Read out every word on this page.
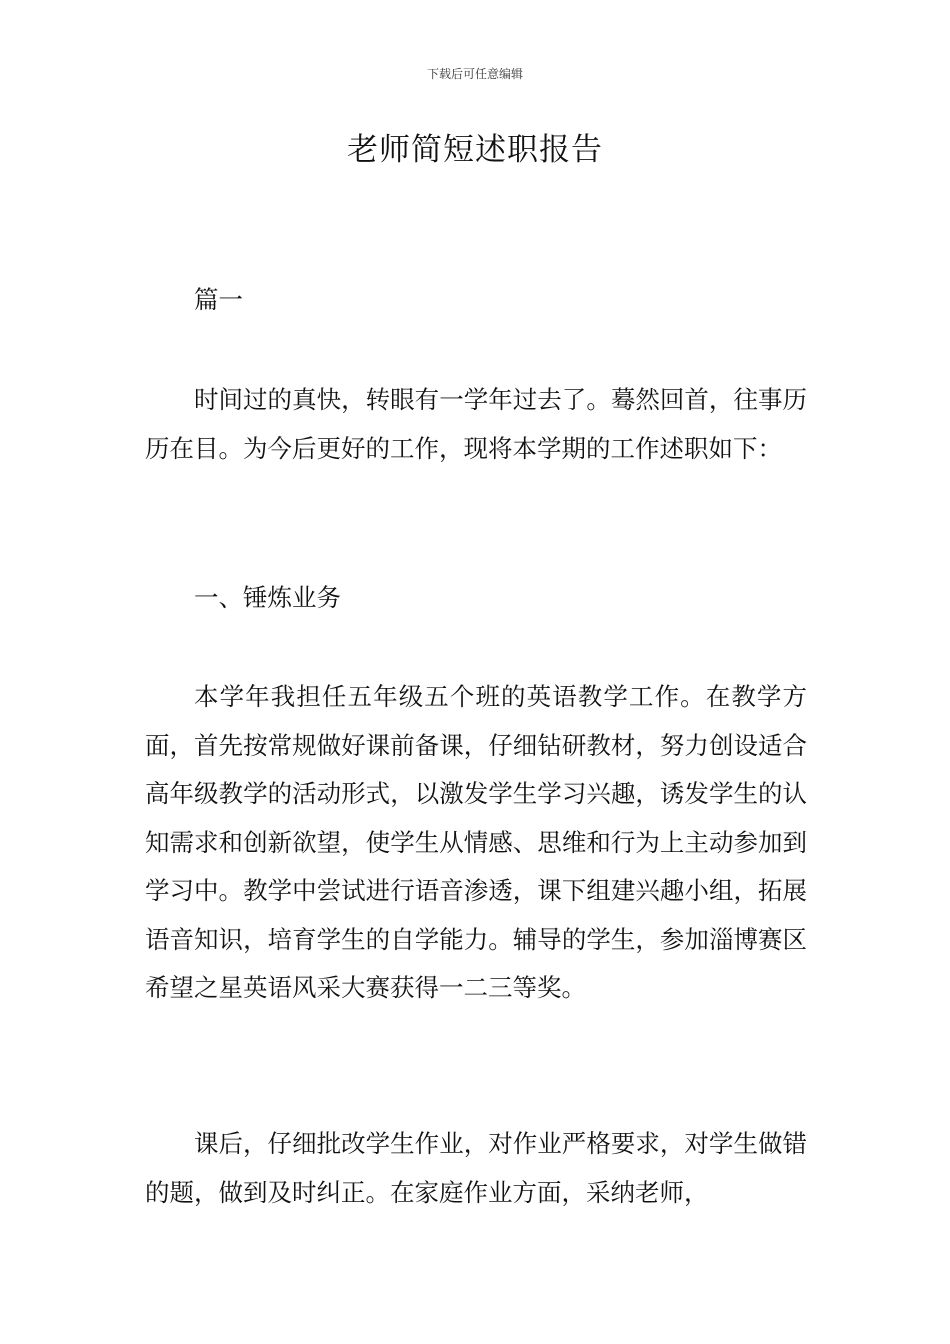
下载后可任意编辑
老师简短述职报告

篇一

时间过的真快，转眼有一学年过去了。蓦然回首，往事历历在目。为今后更好的工作，现将本学期的工作述职如下：

一、锤炼业务

本学年我担任五年级五个班的英语教学工作。在教学方面，首先按常规做好课前备课，仔细钻研教材，努力创设适合高年级教学的活动形式，以激发学生学习兴趣，诱发学生的认知需求和创新欲望，使学生从情感、思维和行为上主动参加到学习中。教学中尝试进行语音渗透，课下组建兴趣小组，拓展语音知识，培育学生的自学能力。辅导的学生，参加淄博赛区希望之星英语风采大赛获得一二三等奖。

课后，仔细批改学生作业，对作业严格要求，对学生做错的题，做到及时纠正。在家庭作业方面，采纳老师，
